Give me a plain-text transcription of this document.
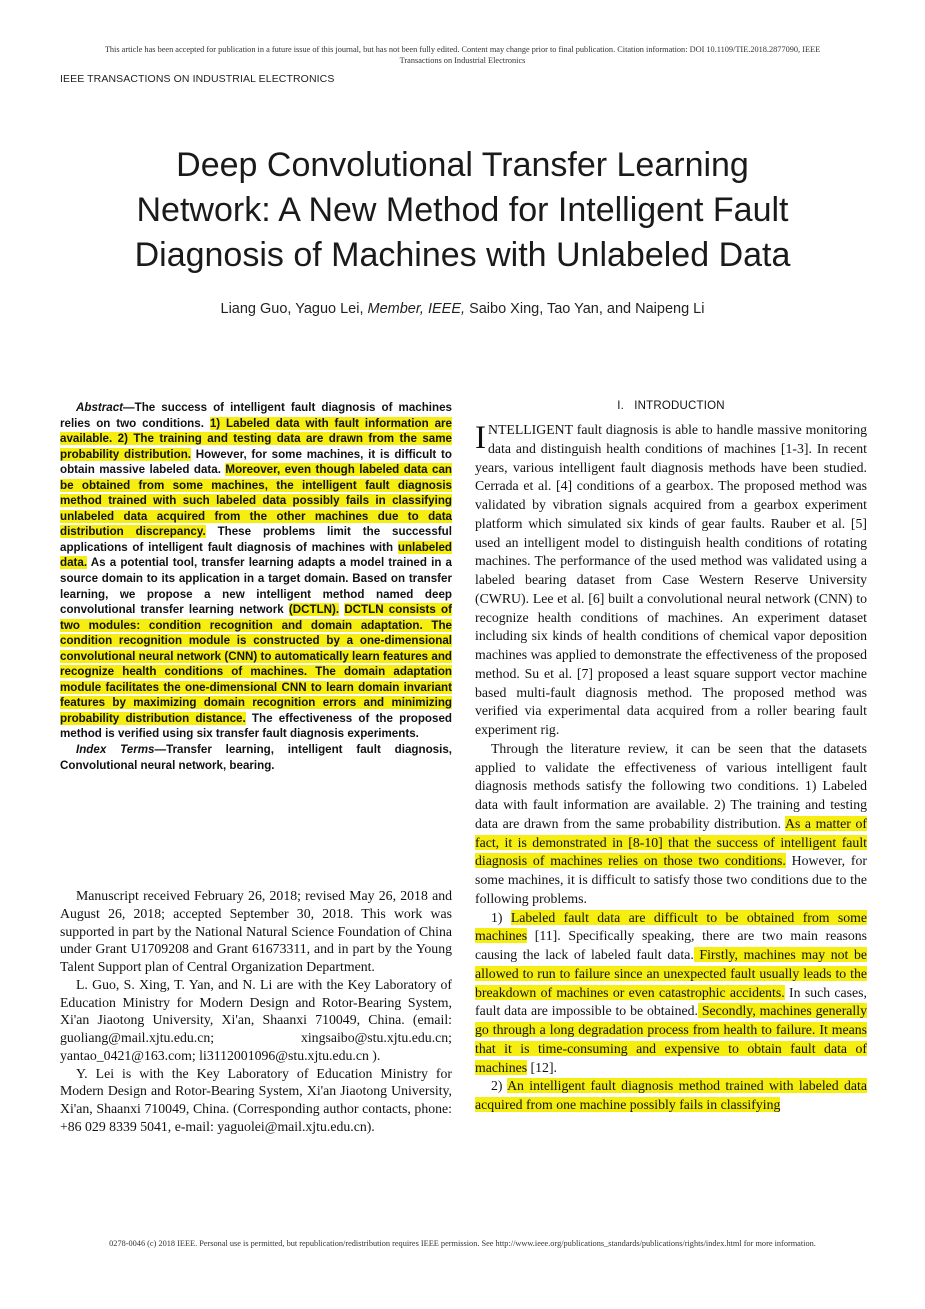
This article has been accepted for publication in a future issue of this journal, but has not been fully edited. Content may change prior to final publication. Citation information: DOI 10.1109/TIE.2018.2877090, IEEE
Transactions on Industrial Electronics
IEEE TRANSACTIONS ON INDUSTRIAL ELECTRONICS
Deep Convolutional Transfer Learning
Network: A New Method for Intelligent Fault
Diagnosis of Machines with Unlabeled Data
Liang Guo, Yaguo Lei, Member, IEEE, Saibo Xing, Tao Yan, and Naipeng Li

Abstract—The success of intelligent fault diagnosis of machines relies on two conditions. 1) Labeled data with fault information are available. 2) The training and testing data are drawn from the same probability distribution. However, for some machines, it is difficult to obtain massive labeled data. Moreover, even though labeled data can be obtained from some machines, the intelligent fault diagnosis method trained with such labeled data possibly fails in classifying unlabeled data acquired from the other machines due to data distribution discrepancy. These problems limit the successful applications of intelligent fault diagnosis of machines with unlabeled data. As a potential tool, transfer learning adapts a model trained in a source domain to its application in a target domain. Based on transfer learning, we propose a new intelligent method named deep convolutional transfer learning network (DCTLN). DCTLN consists of two modules: condition recognition and domain adaptation. The condition recognition module is constructed by a one-dimensional convolutional neural network (CNN) to automatically learn features and recognize health conditions of machines. The domain adaptation module facilitates the one-dimensional CNN to learn domain invariant features by maximizing domain recognition errors and minimizing probability distribution distance. The effectiveness of the proposed method is verified using six transfer fault diagnosis experiments.

Index Terms—Transfer learning, intelligent fault diagnosis, Convolutional neural network, bearing.

Manuscript received February 26, 2018; revised May 26, 2018 and August 26, 2018; accepted September 30, 2018. This work was supported in part by the National Natural Science Foundation of China under Grant U1709208 and Grant 61673311, and in part by the Young Talent Support plan of Central Organization Department.

L. Guo, S. Xing, T. Yan, and N. Li are with the Key Laboratory of Education Ministry for Modern Design and Rotor-Bearing System, Xi'an Jiaotong University, Xi'an, Shaanxi 710049, China. (email: guoliang@mail.xjtu.edu.cn; xingsaibo@stu.xjtu.edu.cn; yantao_0421@163.com; li3112001096@stu.xjtu.edu.cn ).

Y. Lei is with the Key Laboratory of Education Ministry for Modern Design and Rotor-Bearing System, Xi'an Jiaotong University, Xi'an, Shaanxi 710049, China. (Corresponding author contacts, phone: +86 029 8339 5041, e-mail: yaguolei@mail.xjtu.edu.cn).

I. INTRODUCTION

INTELLIGENT fault diagnosis is able to handle massive monitoring data and distinguish health conditions of machines [1-3]. In recent years, various intelligent fault diagnosis methods have been studied. Cerrada et al. [4] conditions of a gearbox. The proposed method was validated by vibration signals acquired from a gearbox experiment platform which simulated six kinds of gear faults. Rauber et al. [5] used an intelligent model to distinguish health conditions of rotating machines. The performance of the used method was validated using a labeled bearing dataset from Case Western Reserve University (CWRU). Lee et al. [6] built a convolutional neural network (CNN) to recognize health conditions of machines. An experiment dataset including six kinds of health conditions of chemical vapor deposition machines was applied to demonstrate the effectiveness of the proposed method. Su et al. [7] proposed a least square support vector machine based multi-fault diagnosis method. The proposed method was verified via experimental data acquired from a roller bearing fault experiment rig.

Through the literature review, it can be seen that the datasets applied to validate the effectiveness of various intelligent fault diagnosis methods satisfy the following two conditions. 1) Labeled data with fault information are available. 2) The training and testing data are drawn from the same probability distribution. As a matter of fact, it is demonstrated in [8-10] that the success of intelligent fault diagnosis of machines relies on those two conditions. However, for some machines, it is difficult to satisfy those two conditions due to the following problems.

1) Labeled fault data are difficult to be obtained from some machines [11]. Specifically speaking, there are two main reasons causing the lack of labeled fault data. Firstly, machines may not be allowed to run to failure since an unexpected fault usually leads to the breakdown of machines or even catastrophic accidents. In such cases, fault data are impossible to be obtained. Secondly, machines generally go through a long degradation process from health to failure. It means that it is time-consuming and expensive to obtain fault data of machines [12].

2) An intelligent fault diagnosis method trained with labeled data acquired from one machine possibly fails in classifying

0278-0046 (c) 2018 IEEE. Personal use is permitted, but republication/redistribution requires IEEE permission. See http://www.ieee.org/publications_standards/publications/rights/index.html for more information.
